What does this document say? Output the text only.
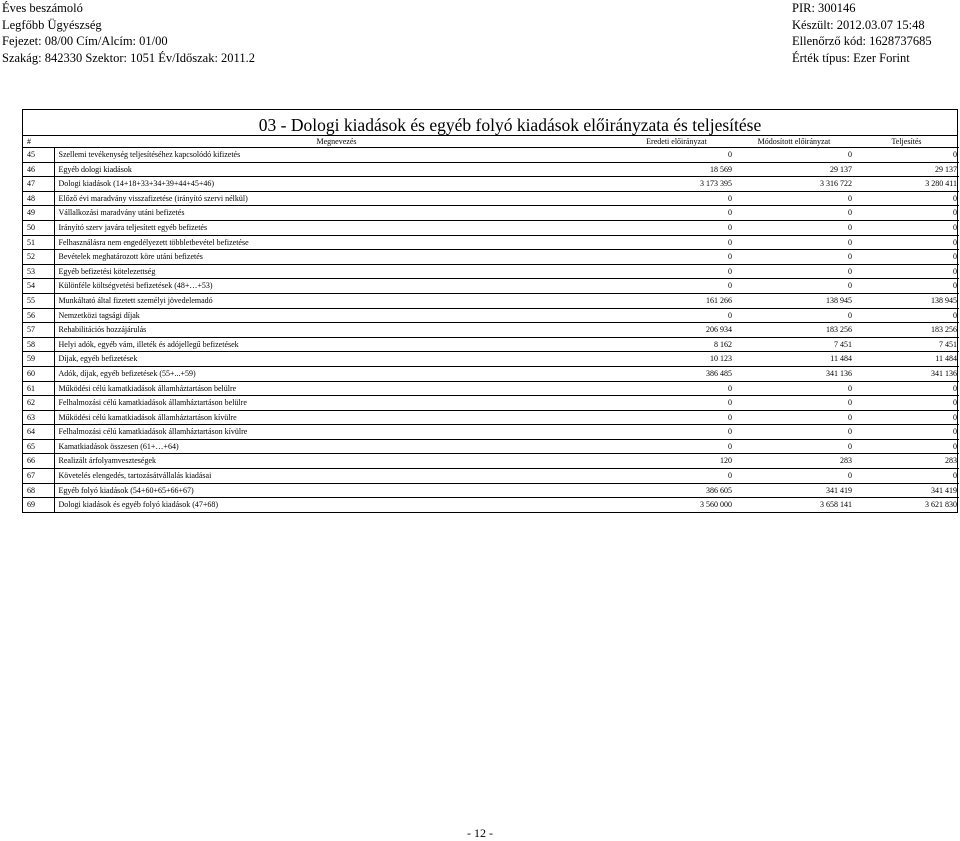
Éves beszámoló
Legfőbb Ügyészség
Fejezet: 08/00 Cím/Alcím: 01/00
Szakág: 842330 Szektor: 1051 Év/Időszak: 2011.2
PIR: 300146
Készült: 2012.03.07 15:48
Ellenőrző kód: 1628737685
Érték típus: Ezer Forint
03 - Dologi kiadások és egyéb folyó kiadások előirányzata és teljesítése
#	Megnevezés	Eredeti előirányzat	Módosított előirányzat	Teljesítés
45	Szellemi tevékenység teljesítéséhez kapcsolódó kifizetés	0	0	0
46	Egyéb dologi kiadások	18 569	29 137	29 137
47	Dologi kiadások (14+18+33+34+39+44+45+46)	3 173 395	3 316 722	3 280 411
48	Előző évi maradvány visszafizetése (irányító szervi nélkül)	0	0	0
49	Vállalkozási maradvány utáni befizetés	0	0	0
50	Irányító szerv javára teljesített egyéb befizetés	0	0	0
51	Felhasználásra nem engedélyezett többletbevétel befizetése	0	0	0
52	Bevételek meghatározott köre utáni befizetés	0	0	0
53	Egyéb befizetési kötelezettség	0	0	0
54	Különféle költségvetési befizetések (48+…+53)	0	0	0
55	Munkáltató által fizetett személyi jövedelemadó	161 266	138 945	138 945
56	Nemzetközi tagsági díjak	0	0	0
57	Rehabilitációs hozzájárulás	206 934	183 256	183 256
58	Helyi adók, egyéb vám, illeték és adójellegű befizetések	8 162	7 451	7 451
59	Díjak, egyéb befizetések	10 123	11 484	11 484
60	Adók, díjak, egyéb befizetések (55+...+59)	386 485	341 136	341 136
61	Működési célú kamatkiadások államháztartáson belülre	0	0	0
62	Felhalmozási célú kamatkiadások államháztartáson belülre	0	0	0
63	Működési célú kamatkiadások államháztartáson kívülre	0	0	0
64	Felhalmozási célú kamatkiadások államháztartáson kívülre	0	0	0
65	Kamatkiadások összesen (61+…+64)	0	0	0
66	Realizált árfolyamveszteségek	120	283	283
67	Követelés elengedés, tartozásátvállalás kiadásai	0	0	0
68	Egyéb folyó kiadások (54+60+65+66+67)	386 605	341 419	341 419
69	Dologi kiadások és egyéb folyó kiadások (47+68)	3 560 000	3 658 141	3 621 830
- 12 -
